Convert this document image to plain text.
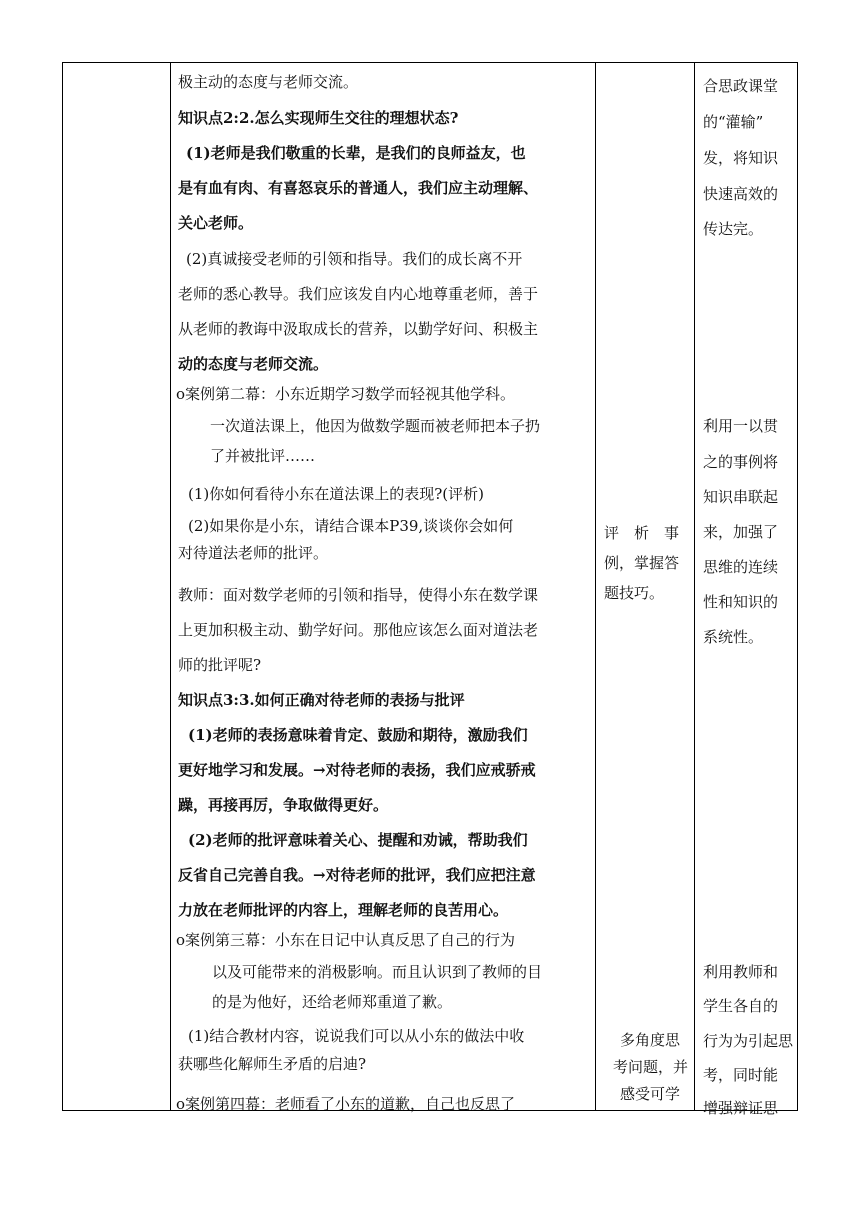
极主动的态度与老师交流。
知识点2:2.怎么实现师生交往的理想状态?
(1)老师是我们敬重的长辈，是我们的良师益友，也
是有血有肉、有喜怒哀乐的普通人，我们应主动理解、
关心老师。
(2)真诚接受老师的引领和指导。我们的成长离不开
老师的悉心教导。我们应该发自内心地尊重老师，善于
从老师的教诲中汲取成长的营养，以勤学好问、积极主
动的态度与老师交流。
o案例第二幕：小东近期学习数学而轻视其他学科。
一次道法课上，他因为做数学题而被老师把本子扔
了并被批评……
(1)你如何看待小东在道法课上的表现?(评析)
(2)如果你是小东，请结合课本P39,谈谈你会如何
对待道法老师的批评。
教师：面对数学老师的引领和指导，使得小东在数学课
上更加积极主动、勤学好问。那他应该怎么面对道法老
师的批评呢?
知识点3:3.如何正确对待老师的表扬与批评
(1)老师的表扬意味着肯定、鼓励和期待，激励我们
更好地学习和发展。→对待老师的表扬，我们应戒骄戒
躁，再接再厉，争取做得更好。
(2)老师的批评意味着关心、提醒和劝诫，帮助我们
反省自己完善自我。→对待老师的批评，我们应把注意
力放在老师批评的内容上，理解老师的良苦用心。
o案例第三幕：小东在日记中认真反思了自己的行为
以及可能带来的消极影响。而且认识到了教师的目
的是为他好，还给老师郑重道了歉。
(1)结合教材内容，说说我们可以从小东的做法中收
获哪些化解师生矛盾的启迪?
o案例第四幕：老师看了小东的道歉，自己也反思了
评　析　事
例，掌握答
题技巧。
多角度思
考问题，并
感受可学
合思政课堂
的“灌输”
发，将知识
快速高效的
传达完。
利用一以贯
之的事例将
知识串联起
来，加强了
思维的连续
性和知识的
系统性。
利用教师和
学生各自的
行为为引起思
考，同时能
增强辩证思
